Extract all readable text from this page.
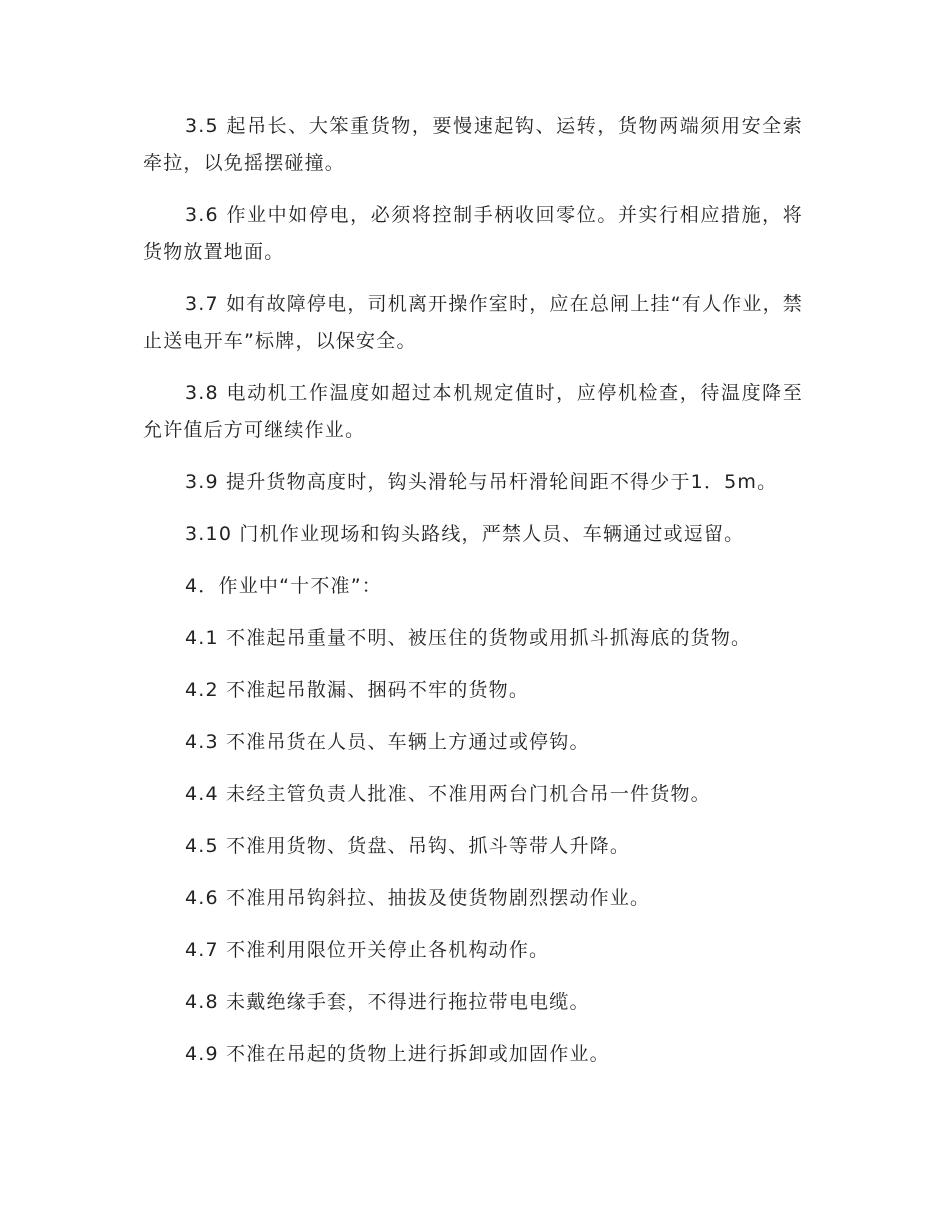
3.5 起吊长、大笨重货物，要慢速起钩、运转，货物两端须用安全索牵拉，以免摇摆碰撞。

3.6 作业中如停电，必须将控制手柄收回零位。并实行相应措施，将货物放置地面。

3.7 如有故障停电，司机离开操作室时，应在总闸上挂“有人作业，禁止送电开车”标牌，以保安全。

3.8 电动机工作温度如超过本机规定值时，应停机检查，待温度降至允许值后方可继续作业。

3.9 提升货物高度时，钩头滑轮与吊杆滑轮间距不得少于1．5m。

3.10 门机作业现场和钩头路线，严禁人员、车辆通过或逗留。

4．作业中“十不准”：

4.1 不准起吊重量不明、被压住的货物或用抓斗抓海底的货物。

4.2 不准起吊散漏、捆码不牢的货物。

4.3 不准吊货在人员、车辆上方通过或停钩。

4.4 未经主管负责人批准、不准用两台门机合吊一件货物。

4.5 不准用货物、货盘、吊钩、抓斗等带人升降。

4.6 不准用吊钩斜拉、抽拔及使货物剧烈摆动作业。

4.7 不准利用限位开关停止各机构动作。

4.8 未戴绝缘手套，不得进行拖拉带电电缆。

4.9 不准在吊起的货物上进行拆卸或加固作业。
